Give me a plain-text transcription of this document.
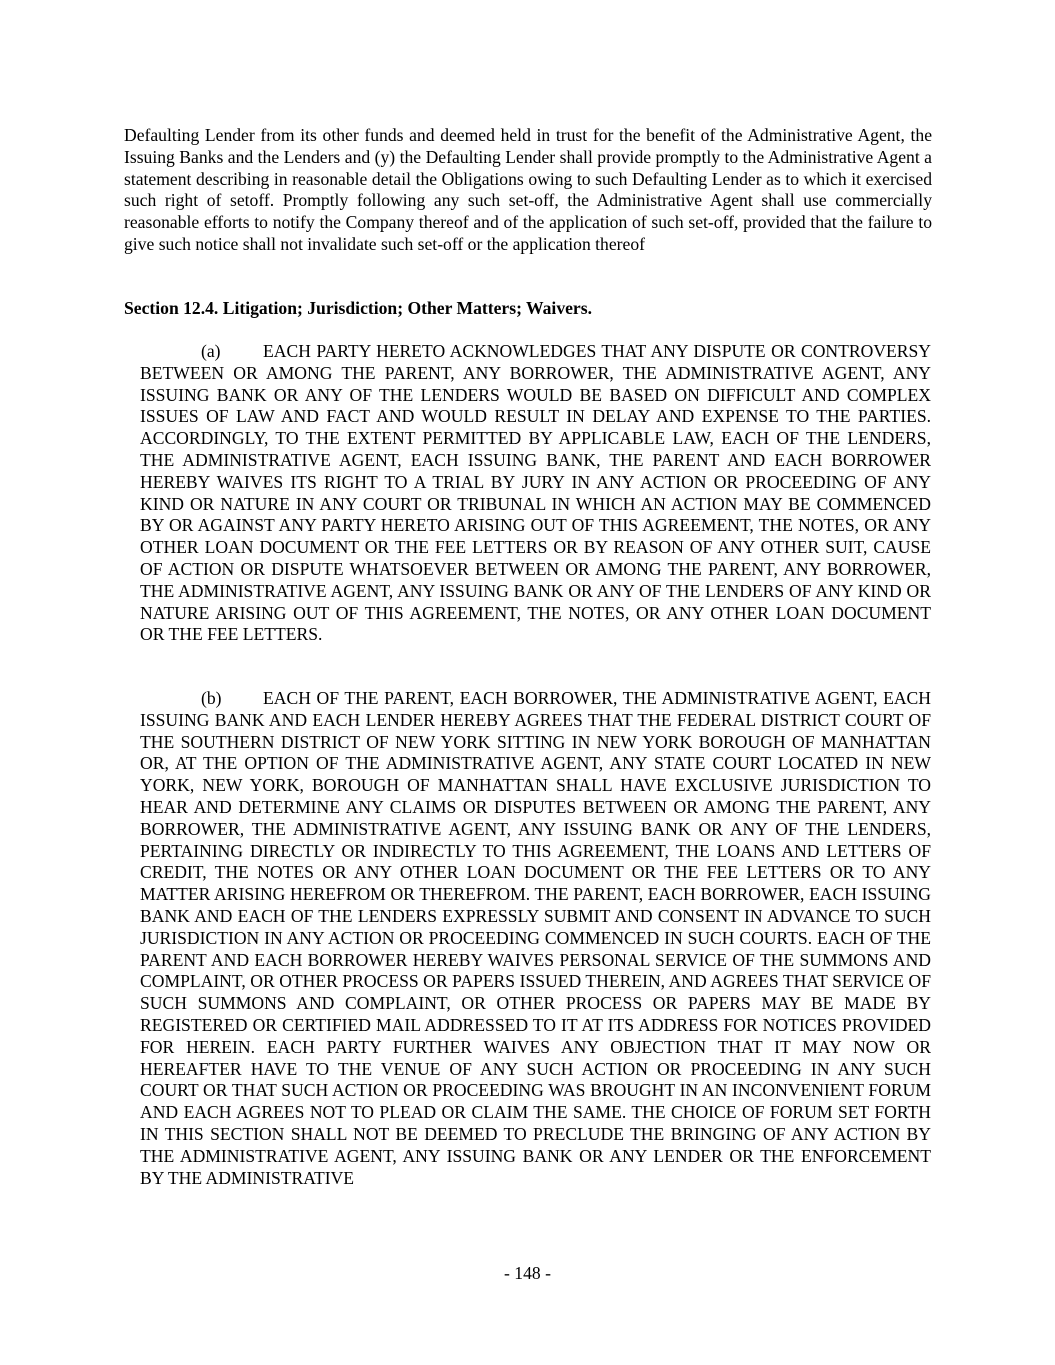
Defaulting Lender from its other funds and deemed held in trust for the benefit of the Administrative Agent, the Issuing Banks and the Lenders and (y) the Defaulting Lender shall provide promptly to the Administrative Agent a statement describing in reasonable detail the Obligations owing to such Defaulting Lender as to which it exercised such right of setoff. Promptly following any such set-off, the Administrative Agent shall use commercially reasonable efforts to notify the Company thereof and of the application of such set-off, provided that the failure to give such notice shall not invalidate such set-off or the application thereof

Section 12.4. Litigation; Jurisdiction; Other Matters; Waivers.

(a) EACH PARTY HERETO ACKNOWLEDGES THAT ANY DISPUTE OR CONTROVERSY BETWEEN OR AMONG THE PARENT, ANY BORROWER, THE ADMINISTRATIVE AGENT, ANY ISSUING BANK OR ANY OF THE LENDERS WOULD BE BASED ON DIFFICULT AND COMPLEX ISSUES OF LAW AND FACT AND WOULD RESULT IN DELAY AND EXPENSE TO THE PARTIES. ACCORDINGLY, TO THE EXTENT PERMITTED BY APPLICABLE LAW, EACH OF THE LENDERS, THE ADMINISTRATIVE AGENT, EACH ISSUING BANK, THE PARENT AND EACH BORROWER HEREBY WAIVES ITS RIGHT TO A TRIAL BY JURY IN ANY ACTION OR PROCEEDING OF ANY KIND OR NATURE IN ANY COURT OR TRIBUNAL IN WHICH AN ACTION MAY BE COMMENCED BY OR AGAINST ANY PARTY HERETO ARISING OUT OF THIS AGREEMENT, THE NOTES, OR ANY OTHER LOAN DOCUMENT OR THE FEE LETTERS OR BY REASON OF ANY OTHER SUIT, CAUSE OF ACTION OR DISPUTE WHATSOEVER BETWEEN OR AMONG THE PARENT, ANY BORROWER, THE ADMINISTRATIVE AGENT, ANY ISSUING BANK OR ANY OF THE LENDERS OF ANY KIND OR NATURE ARISING OUT OF THIS AGREEMENT, THE NOTES, OR ANY OTHER LOAN DOCUMENT OR THE FEE LETTERS.

(b) EACH OF THE PARENT, EACH BORROWER, THE ADMINISTRATIVE AGENT, EACH ISSUING BANK AND EACH LENDER HEREBY AGREES THAT THE FEDERAL DISTRICT COURT OF THE SOUTHERN DISTRICT OF NEW YORK SITTING IN NEW YORK BOROUGH OF MANHATTAN OR, AT THE OPTION OF THE ADMINISTRATIVE AGENT, ANY STATE COURT LOCATED IN NEW YORK, NEW YORK, BOROUGH OF MANHATTAN SHALL HAVE EXCLUSIVE JURISDICTION TO HEAR AND DETERMINE ANY CLAIMS OR DISPUTES BETWEEN OR AMONG THE PARENT, ANY BORROWER, THE ADMINISTRATIVE AGENT, ANY ISSUING BANK OR ANY OF THE LENDERS, PERTAINING DIRECTLY OR INDIRECTLY TO THIS AGREEMENT, THE LOANS AND LETTERS OF CREDIT, THE NOTES OR ANY OTHER LOAN DOCUMENT OR THE FEE LETTERS OR TO ANY MATTER ARISING HEREFROM OR THEREFROM. THE PARENT, EACH BORROWER, EACH ISSUING BANK AND EACH OF THE LENDERS EXPRESSLY SUBMIT AND CONSENT IN ADVANCE TO SUCH JURISDICTION IN ANY ACTION OR PROCEEDING COMMENCED IN SUCH COURTS. EACH OF THE PARENT AND EACH BORROWER HEREBY WAIVES PERSONAL SERVICE OF THE SUMMONS AND COMPLAINT, OR OTHER PROCESS OR PAPERS ISSUED THEREIN, AND AGREES THAT SERVICE OF SUCH SUMMONS AND COMPLAINT, OR OTHER PROCESS OR PAPERS MAY BE MADE BY REGISTERED OR CERTIFIED MAIL ADDRESSED TO IT AT ITS ADDRESS FOR NOTICES PROVIDED FOR HEREIN. EACH PARTY FURTHER WAIVES ANY OBJECTION THAT IT MAY NOW OR HEREAFTER HAVE TO THE VENUE OF ANY SUCH ACTION OR PROCEEDING IN ANY SUCH COURT OR THAT SUCH ACTION OR PROCEEDING WAS BROUGHT IN AN INCONVENIENT FORUM AND EACH AGREES NOT TO PLEAD OR CLAIM THE SAME. THE CHOICE OF FORUM SET FORTH IN THIS SECTION SHALL NOT BE DEEMED TO PRECLUDE THE BRINGING OF ANY ACTION BY THE ADMINISTRATIVE AGENT, ANY ISSUING BANK OR ANY LENDER OR THE ENFORCEMENT BY THE ADMINISTRATIVE

- 148 -
